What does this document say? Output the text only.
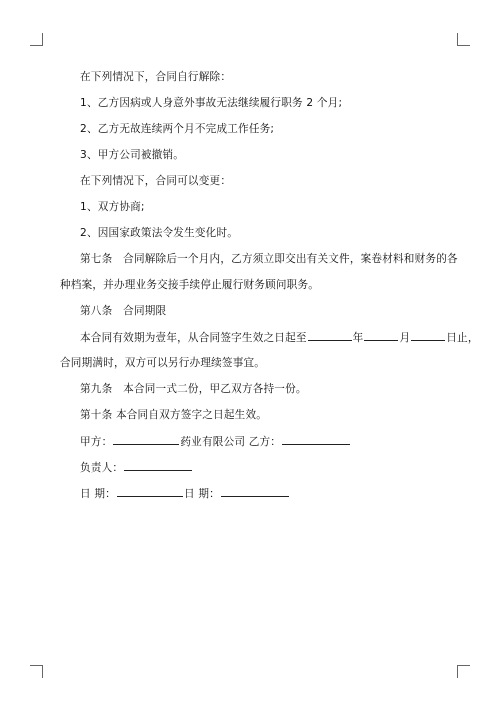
在下列情况下，合同自行解除：
1、乙方因病或人身意外事故无法继续履行职务 2 个月;
2、乙方无故连续两个月不完成工作任务;
3、甲方公司被撤销。
在下列情况下，合同可以变更：
1、双方协商;
2、因国家政策法令发生变化时。
第七条　合同解除后一个月内，乙方须立即交出有关文件，案卷材料和财务的各
种档案，并办理业务交接手续停止履行财务顾问职务。
第八条　合同期限
本合同有效期为壹年，从合同签字生效之日起至	年	月	日止，
合同期满时，双方可以另行办理续签事宜。
第九条　本合同一式二份，甲乙双方各持一份。
第十条 本合同自双方签字之日起生效。
甲方：	药业有限公司 乙方：
负责人：
日 期：	日 期：
